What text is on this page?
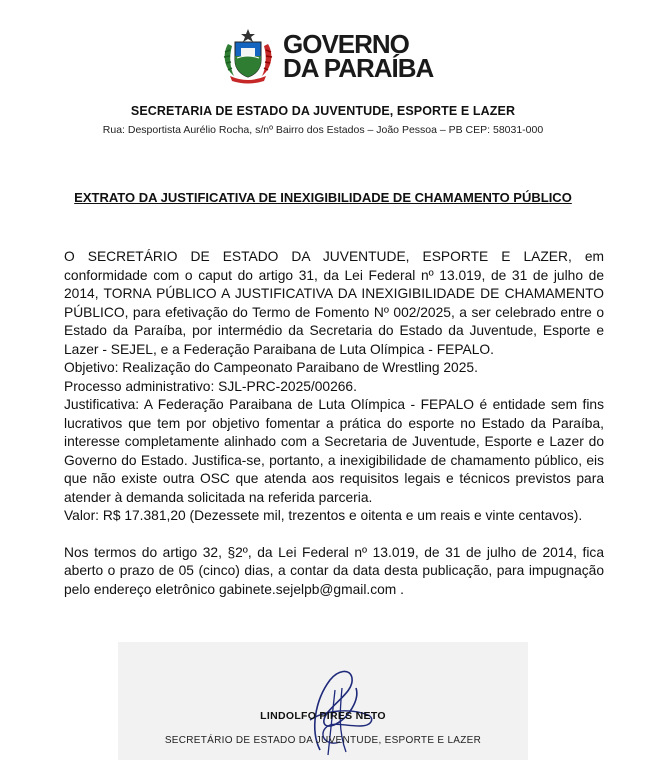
GOVERNO
DA PARAÍBA
SECRETARIA DE ESTADO DA JUVENTUDE, ESPORTE E LAZER
Rua: Desportista Aurélio Rocha, s/nº Bairro dos Estados – João Pessoa – PB CEP: 58031-000
EXTRATO DA JUSTIFICATIVA DE INEXIGIBILIDADE DE CHAMAMENTO PÚBLICO

O SECRETÁRIO DE ESTADO DA JUVENTUDE, ESPORTE E LAZER, em conformidade com o caput do artigo 31, da Lei Federal nº 13.019, de 31 de julho de 2014, TORNA PÚBLICO A JUSTIFICATIVA DA INEXIGIBILIDADE DE CHAMAMENTO PÚBLICO, para efetivação do Termo de Fomento Nº 002/2025, a ser celebrado entre o Estado da Paraíba, por intermédio da Secretaria do Estado da Juventude, Esporte e Lazer - SEJEL, e a Federação Paraibana de Luta Olímpica - FEPALO.

Objetivo: Realização do Campeonato Paraibano de Wrestling 2025.

Processo administrativo: SJL-PRC-2025/00266.

Justificativa: A Federação Paraibana de Luta Olímpica - FEPALO é entidade sem fins lucrativos que tem por objetivo fomentar a prática do esporte no Estado da Paraíba, interesse completamente alinhado com a Secretaria de Juventude, Esporte e Lazer do Governo do Estado. Justifica-se, portanto, a inexigibilidade de chamamento público, eis que não existe outra OSC que atenda aos requisitos legais e técnicos previstos para atender à demanda solicitada na referida parceria.

Valor: R$ 17.381,20 (Dezessete mil, trezentos e oitenta e um reais e vinte centavos).

Nos termos do artigo 32, §2º, da Lei Federal nº 13.019, de 31 de julho de 2014, fica aberto o prazo de 05 (cinco) dias, a contar da data desta publicação, para impugnação pelo endereço eletrônico gabinete.sejelpb@gmail.com .

LINDOLFO PIRES NETO
SECRETÁRIO DE ESTADO DA JUVENTUDE, ESPORTE E LAZER
